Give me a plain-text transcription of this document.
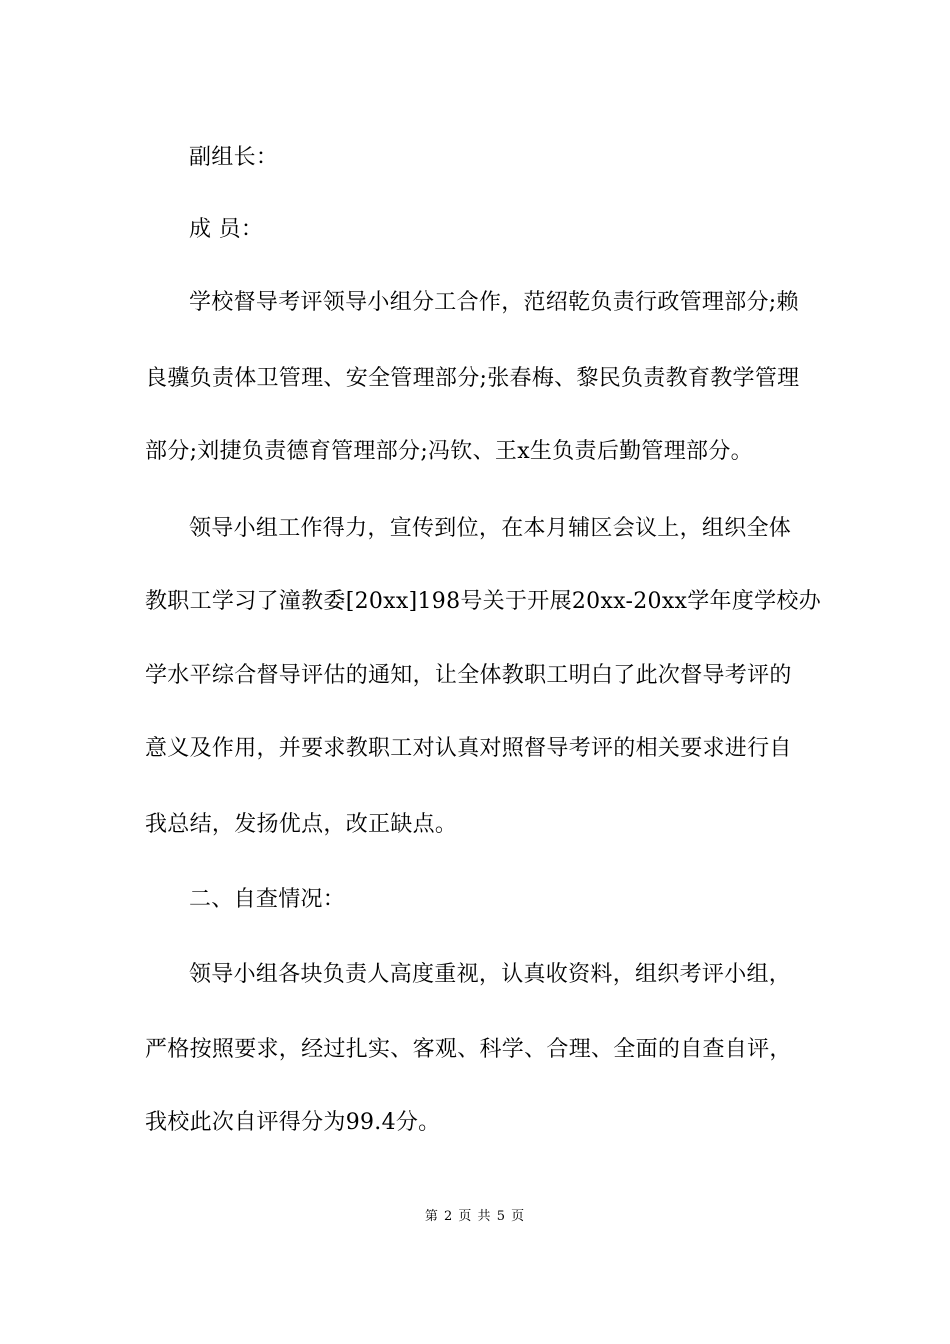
副组长：
成 员：
学校督导考评领导小组分工合作，范绍乾负责行政管理部分;赖
良骥负责体卫管理、安全管理部分;张春梅、黎民负责教育教学管理
部分;刘捷负责德育管理部分;冯钦、王x生负责后勤管理部分。
领导小组工作得力，宣传到位，在本月辅区会议上，组织全体
教职工学习了潼教委[20xx]198号关于开展20xx-20xx学年度学校办
学水平综合督导评估的通知，让全体教职工明白了此次督导考评的
意义及作用，并要求教职工对认真对照督导考评的相关要求进行自
我总结，发扬优点，改正缺点。
二、自查情况：
领导小组各块负责人高度重视，认真收资料，组织考评小组，
严格按照要求，经过扎实、客观、科学、合理、全面的自查自评，
我校此次自评得分为99.4分。
第 2 页 共 5 页
